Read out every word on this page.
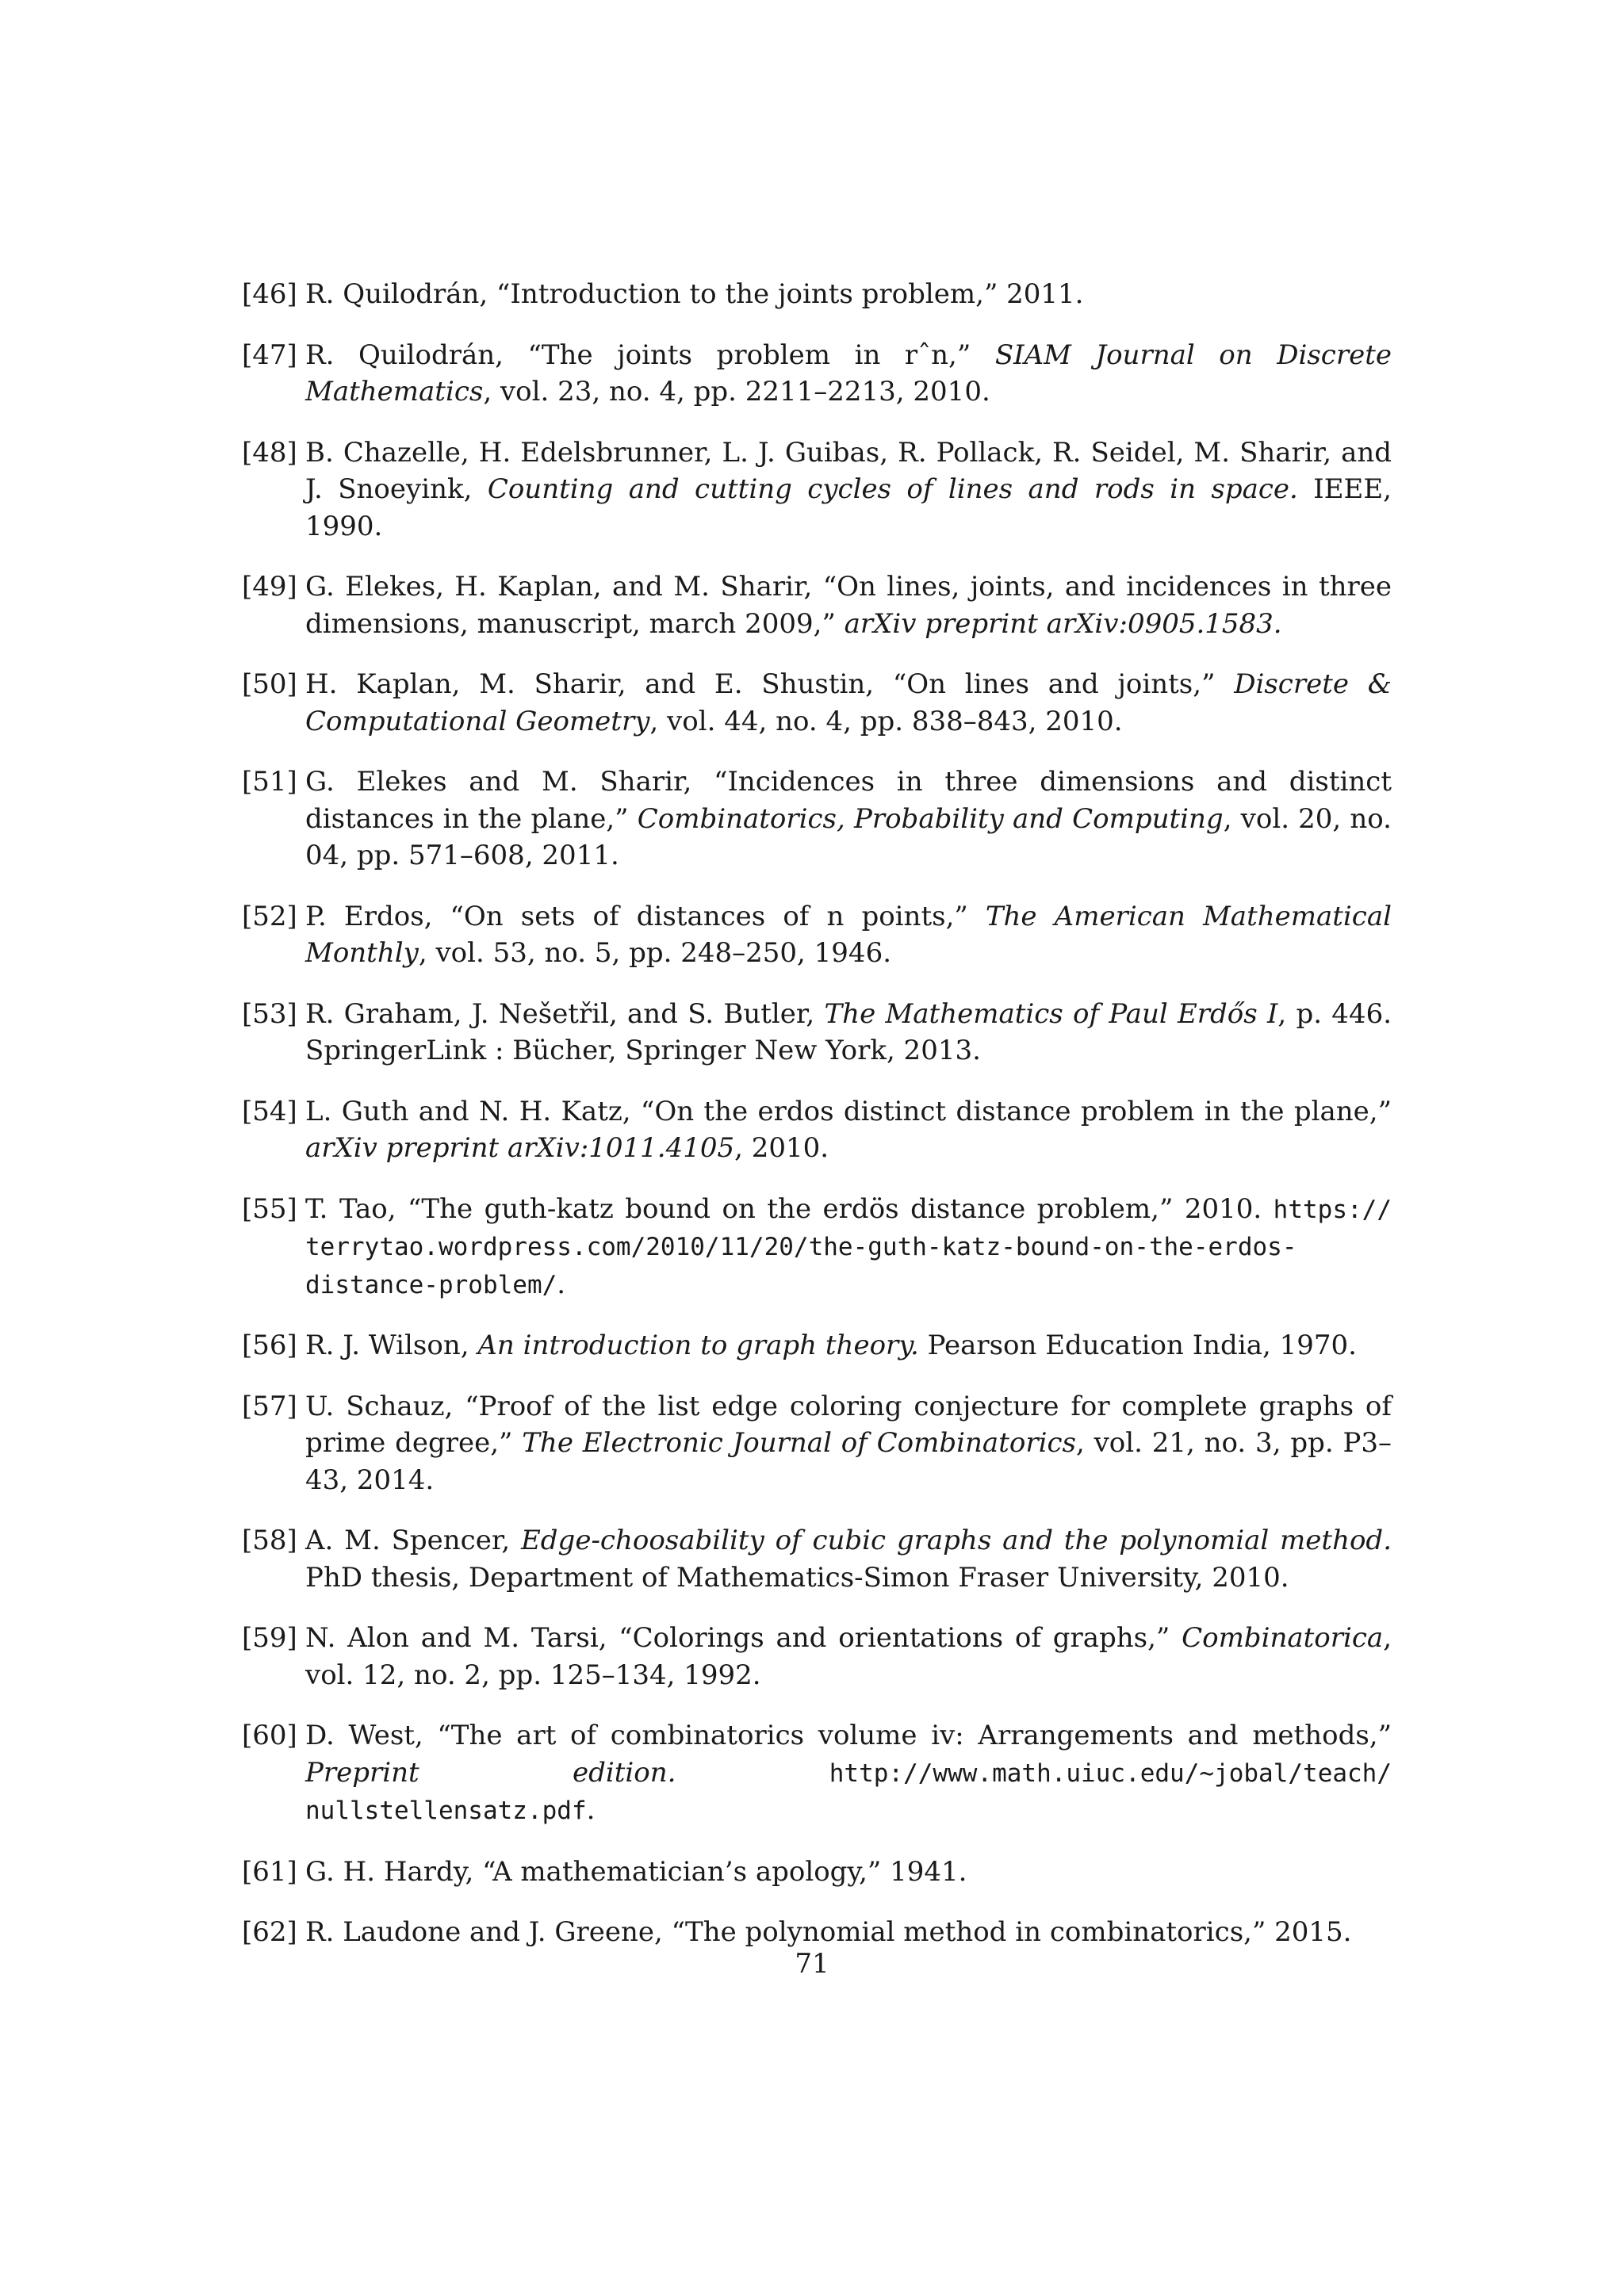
[46] R. Quilodrán, “Introduction to the joints problem,” 2011.
[47] R. Quilodrán, “The joints problem in rˆn,” SIAM Journal on Discrete Mathematics, vol. 23, no. 4, pp. 2211–2213, 2010.
[48] B. Chazelle, H. Edelsbrunner, L. J. Guibas, R. Pollack, R. Seidel, M. Sharir, and J. Snoeyink, Counting and cutting cycles of lines and rods in space. IEEE, 1990.
[49] G. Elekes, H. Kaplan, and M. Sharir, “On lines, joints, and incidences in three dimensions, manuscript, march 2009,” arXiv preprint arXiv:0905.1583.
[50] H. Kaplan, M. Sharir, and E. Shustin, “On lines and joints,” Discrete & Computational Geometry, vol. 44, no. 4, pp. 838–843, 2010.
[51] G. Elekes and M. Sharir, “Incidences in three dimensions and distinct distances in the plane,” Combinatorics, Probability and Computing, vol. 20, no. 04, pp. 571–608, 2011.
[52] P. Erdos, “On sets of distances of n points,” The American Mathematical Monthly, vol. 53, no. 5, pp. 248–250, 1946.
[53] R. Graham, J. Nešetřil, and S. Butler, The Mathematics of Paul Erdős I, p. 446. SpringerLink : Bücher, Springer New York, 2013.
[54] L. Guth and N. H. Katz, “On the erdos distinct distance problem in the plane,” arXiv preprint arXiv:1011.4105, 2010.
[55] T. Tao, “The guth-katz bound on the erdös distance problem,” 2010. https://terrytao.wordpress.com/2010/11/20/the-guth-katz-bound-on-the-erdos-distance-problem/.
[56] R. J. Wilson, An introduction to graph theory. Pearson Education India, 1970.
[57] U. Schauz, “Proof of the list edge coloring conjecture for complete graphs of prime degree,” The Electronic Journal of Combinatorics, vol. 21, no. 3, pp. P3–43, 2014.
[58] A. M. Spencer, Edge-choosability of cubic graphs and the polynomial method. PhD thesis, Department of Mathematics-Simon Fraser University, 2010.
[59] N. Alon and M. Tarsi, “Colorings and orientations of graphs,” Combinatorica, vol. 12, no. 2, pp. 125–134, 1992.
[60] D. West, “The art of combinatorics volume iv: Arrangements and methods,” Preprint edition.	http://www.math.uiuc.edu/~jobal/teach/nullstellensatz.pdf.
[61] G. H. Hardy, “A mathematician’s apology,” 1941.
[62] R. Laudone and J. Greene, “The polynomial method in combinatorics,” 2015.
71
